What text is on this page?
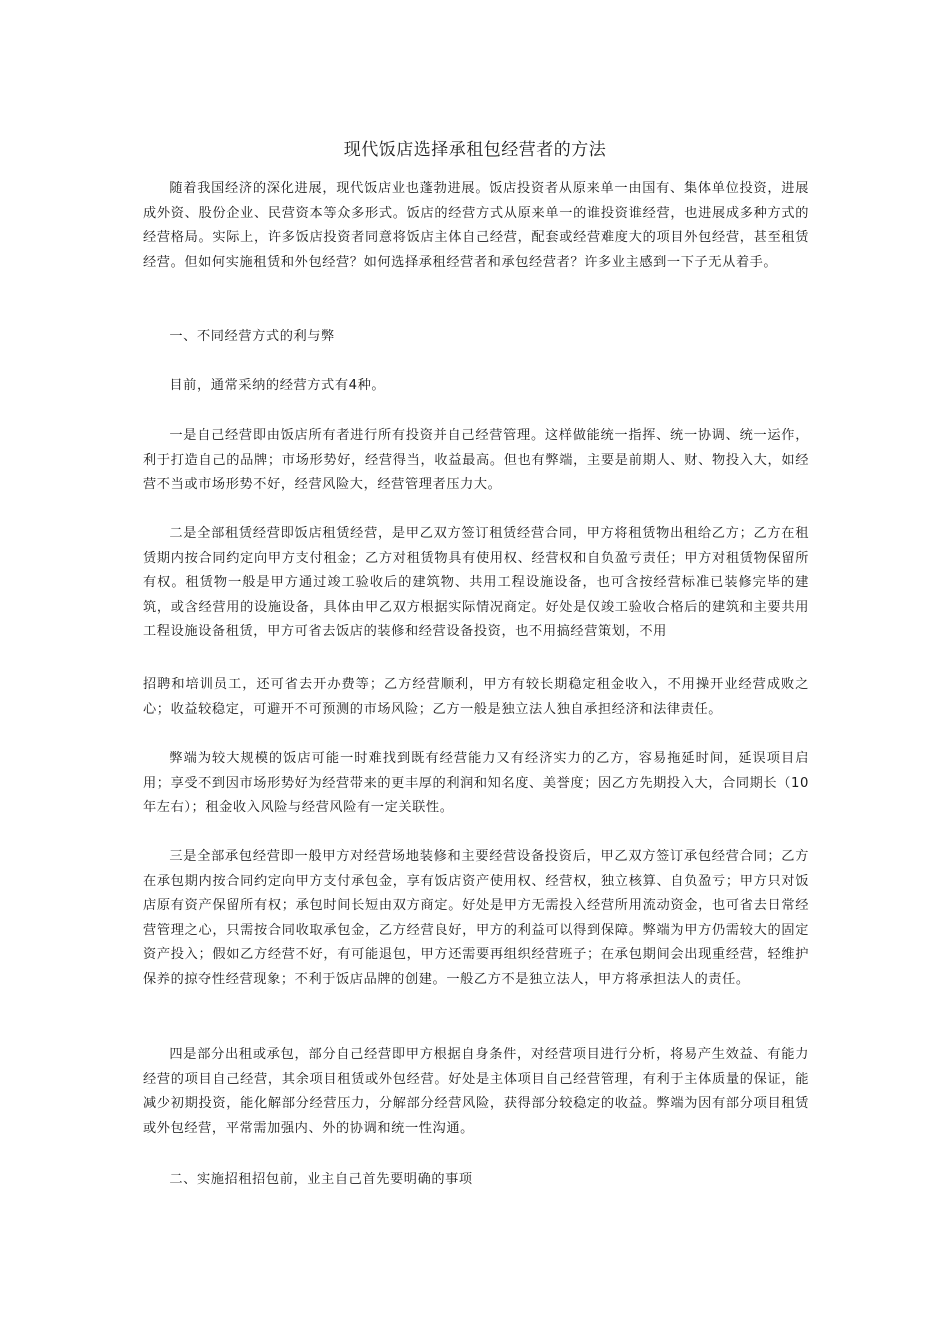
现代饭店选择承租包经营者的方法

随着我国经济的深化进展，现代饭店业也蓬勃进展。饭店投资者从原来单一由国有、集体单位投资，进展成外资、股份企业、民营资本等众多形式。饭店的经营方式从原来单一的谁投资谁经营，也进展成多种方式的经营格局。实际上，许多饭店投资者同意将饭店主体自己经营，配套或经营难度大的项目外包经营，甚至租赁经营。但如何实施租赁和外包经营？如何选择承租经营者和承包经营者？许多业主感到一下子无从着手。

一、不同经营方式的利与弊

目前，通常采纳的经营方式有4种。

一是自己经营即由饭店所有者进行所有投资并自己经营管理。这样做能统一指挥、统一协调、统一运作，利于打造自己的品牌；市场形势好，经营得当，收益最高。但也有弊端，主要是前期人、财、物投入大，如经营不当或市场形势不好，经营风险大，经营管理者压力大。

二是全部租赁经营即饭店租赁经营，是甲乙双方签订租赁经营合同，甲方将租赁物出租给乙方；乙方在租赁期内按合同约定向甲方支付租金；乙方对租赁物具有使用权、经营权和自负盈亏责任；甲方对租赁物保留所有权。租赁物一般是甲方通过竣工验收后的建筑物、共用工程设施设备，也可含按经营标准已装修完毕的建筑，或含经营用的设施设备，具体由甲乙双方根据实际情况商定。好处是仅竣工验收合格后的建筑和主要共用工程设施设备租赁，甲方可省去饭店的装修和经营设备投资，也不用搞经营策划，不用

招聘和培训员工，还可省去开办费等；乙方经营顺利，甲方有较长期稳定租金收入，不用操开业经营成败之心；收益较稳定，可避开不可预测的市场风险；乙方一般是独立法人独自承担经济和法律责任。

弊端为较大规模的饭店可能一时难找到既有经营能力又有经济实力的乙方，容易拖延时间，延误项目启用；享受不到因市场形势好为经营带来的更丰厚的利润和知名度、美誉度；因乙方先期投入大，合同期长（10年左右）；租金收入风险与经营风险有一定关联性。

三是全部承包经营即一般甲方对经营场地装修和主要经营设备投资后，甲乙双方签订承包经营合同；乙方在承包期内按合同约定向甲方支付承包金，享有饭店资产使用权、经营权，独立核算、自负盈亏；甲方只对饭店原有资产保留所有权；承包时间长短由双方商定。好处是甲方无需投入经营所用流动资金，也可省去日常经营管理之心，只需按合同收取承包金，乙方经营良好，甲方的利益可以得到保障。弊端为甲方仍需较大的固定资产投入；假如乙方经营不好，有可能退包，甲方还需要再组织经营班子；在承包期间会出现重经营，轻维护保养的掠夺性经营现象；不利于饭店品牌的创建。一般乙方不是独立法人，甲方将承担法人的责任。

四是部分出租或承包，部分自己经营即甲方根据自身条件，对经营项目进行分析，将易产生效益、有能力经营的项目自己经营，其余项目租赁或外包经营。好处是主体项目自己经营管理，有利于主体质量的保证，能减少初期投资，能化解部分经营压力，分解部分经营风险，获得部分较稳定的收益。弊端为因有部分项目租赁或外包经营，平常需加强内、外的协调和统一性沟通。

二、实施招租招包前，业主自己首先要明确的事项
